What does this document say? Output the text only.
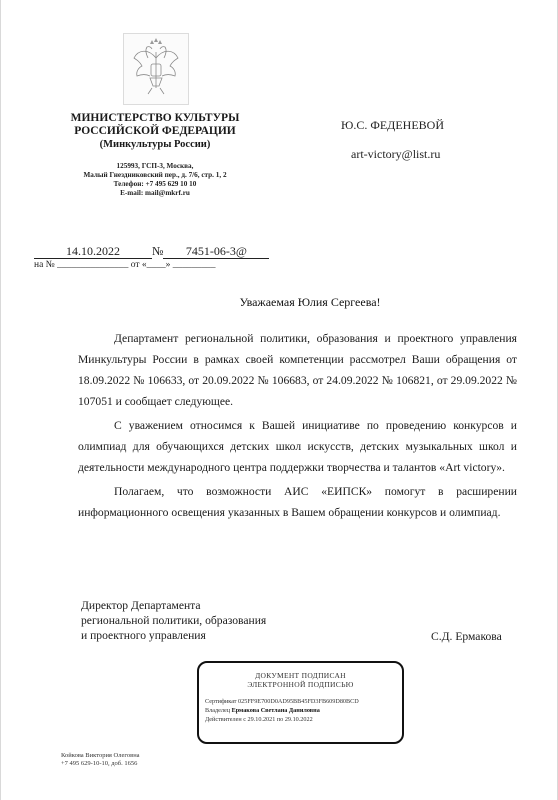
МИНИСТЕРСТВО КУЛЬТУРЫ
РОССИЙСКОЙ ФЕДЕРАЦИИ
(Минкультуры России)
125993, ГСП-3, Москва,
Малый Гнездниковский пер., д. 7/6, стр. 1, 2
Телефон: +7 495 629 10 10
E-mail: mail@mkrf.ru
Ю.С. ФЕДЕНЕВОЙ
art-victory@list.ru
14.10.2022	№ 7451-06-3@
на № _______________ от «____» _________
Уважаемая Юлия Сергеева!

Департамент региональной политики, образования и проектного управления Минкультуры России в рамках своей компетенции рассмотрел Ваши обращения от 18.09.2022 № 106633, от 20.09.2022 № 106683, от 24.09.2022 № 106821, от 29.09.2022 № 107051 и сообщает следующее.

С уважением относимся к Вашей инициативе по проведению конкурсов и олимпиад для обучающихся детских школ искусств, детских музыкальных школ и деятельности международного центра поддержки творчества и талантов «Art victory».

Полагаем, что возможности АИС «ЕИПСК» помогут в расширении информационного освещения указанных в Вашем обращении конкурсов и олимпиад.

Директор Департамента
региональной политики, образования
и проектного управления	С.Д. Ермакова
ДОКУМЕНТ ПОДПИСАН
ЭЛЕКТРОННОЙ ПОДПИСЬЮ
Сертификат 025FF9E700D0AD95BB45FD3FB609D80BCD
Владелец Ермакова Светлана Даниловна
Действителен с 29.10.2021 по 29.10.2022
Койкова Виктория Олеговна
+7 495 629-10-10, доб. 1656
